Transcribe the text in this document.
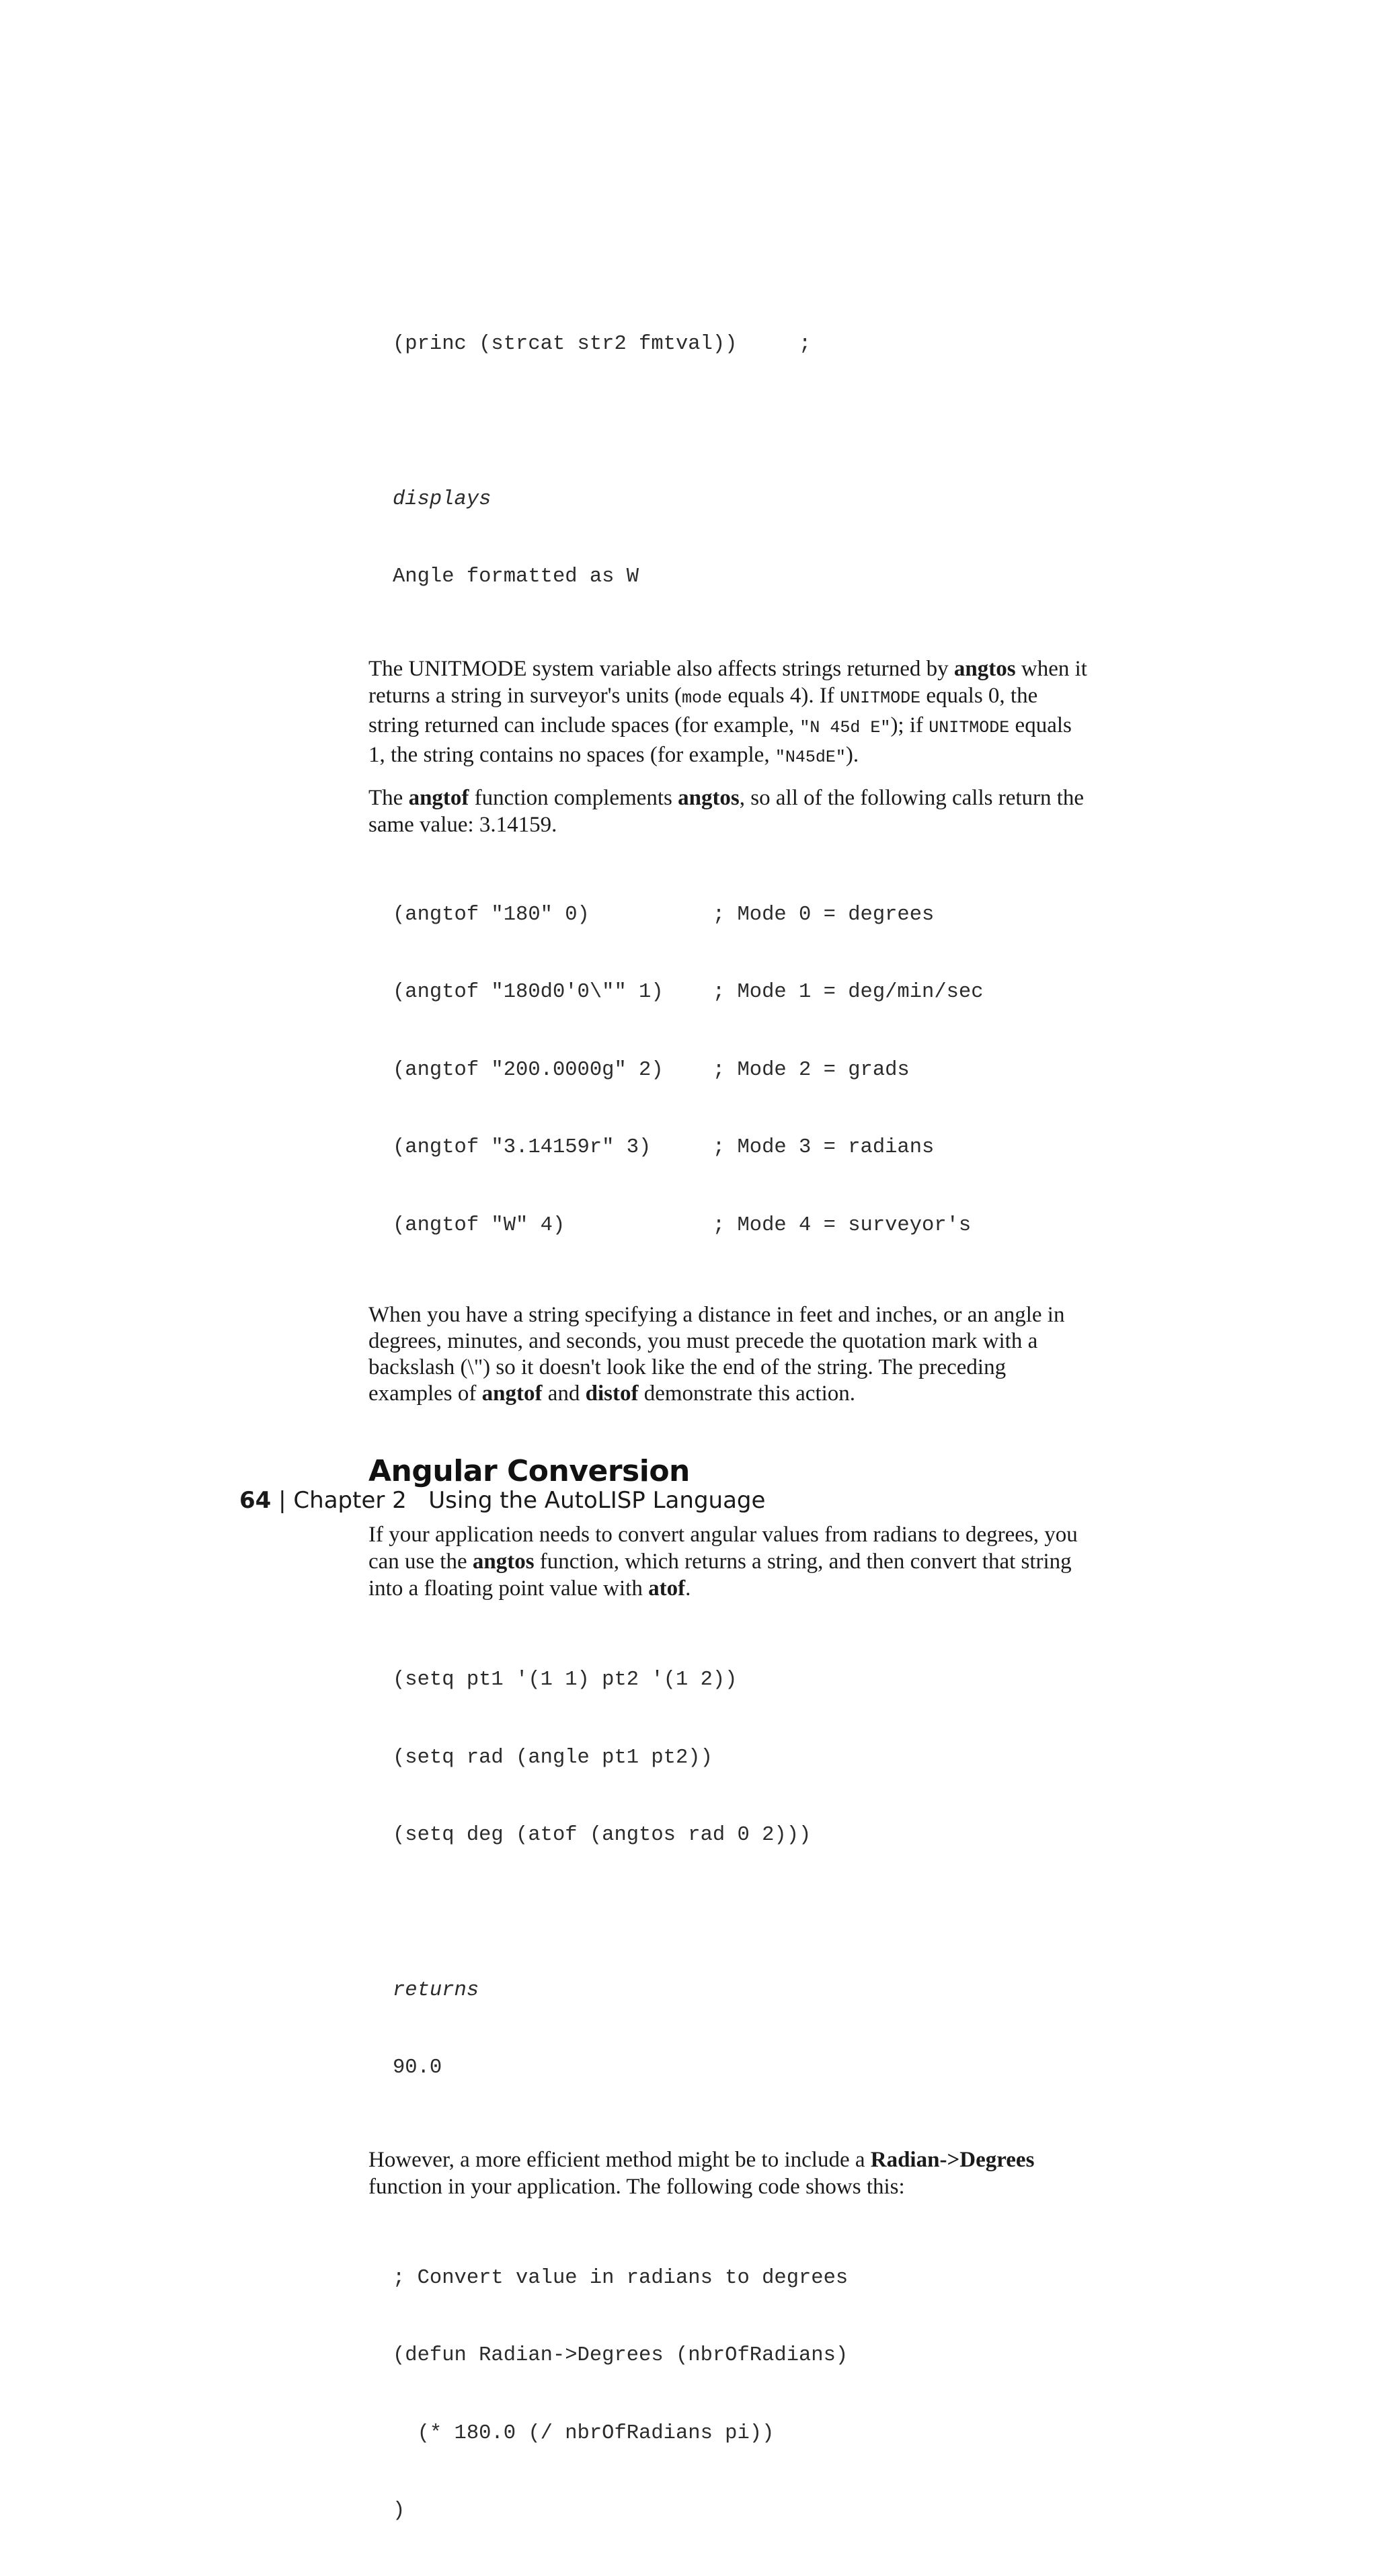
(princ (strcat str2 fmtval))     ;

displays

Angle formatted as W

The UNITMODE system variable also affects strings returned by angtos when it returns a string in surveyor's units (mode equals 4). If UNITMODE equals 0, the string returned can include spaces (for example, "N 45d E"); if UNITMODE equals 1, the string contains no spaces (for example, "N45dE").

The angtof function complements angtos, so all of the following calls return the same value: 3.14159.

(angtof "180" 0)          ; Mode 0 = degrees

(angtof "180d0'0\"" 1)    ; Mode 1 = deg/min/sec

(angtof "200.0000g" 2)    ; Mode 2 = grads

(angtof "3.14159r" 3)     ; Mode 3 = radians

(angtof "W" 4)            ; Mode 4 = surveyor's

When you have a string specifying a distance in feet and inches, or an angle in degrees, minutes, and seconds, you must precede the quotation mark with a backslash (\") so it doesn't look like the end of the string. The preceding examples of angtof and distof demonstrate this action.

Angular Conversion

If your application needs to convert angular values from radians to degrees, you can use the angtos function, which returns a string, and then convert that string into a floating point value with atof.

(setq pt1 '(1 1) pt2 '(1 2))

(setq rad (angle pt1 pt2))

(setq deg (atof (angtos rad 0 2)))

returns

90.0

However, a more efficient method might be to include a Radian->Degrees function in your application. The following code shows this:

; Convert value in radians to degrees

(defun Radian->Degrees (nbrOfRadians)

(* 180.0 (/ nbrOfRadians pi))

)

64 | Chapter 2 Using the AutoLISP Language
